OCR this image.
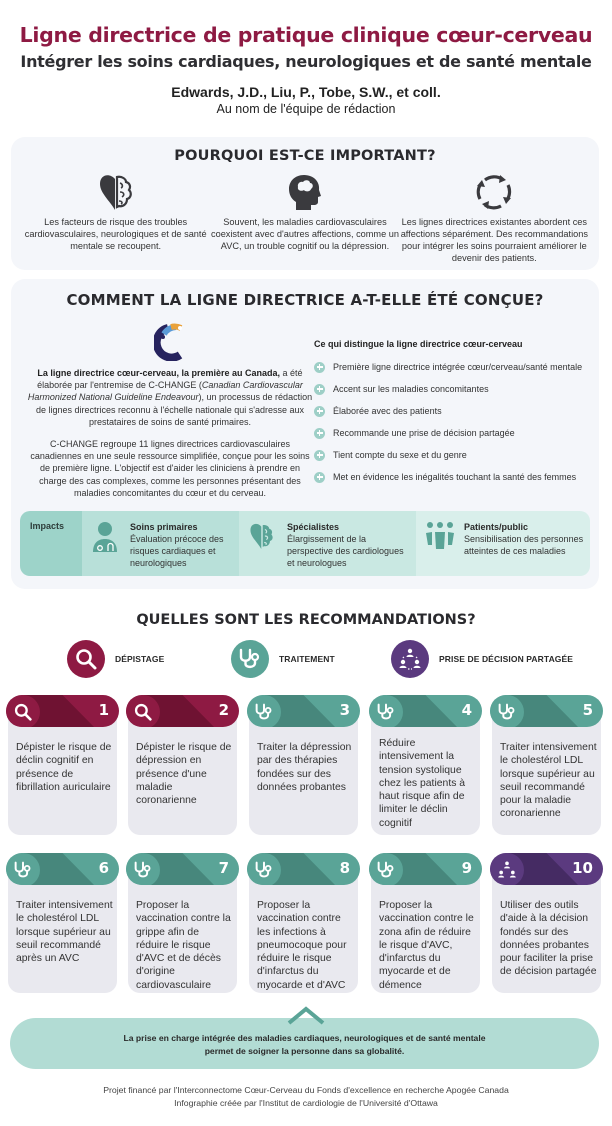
Ligne directrice de pratique clinique cœur-cerveau
Intégrer les soins cardiaques, neurologiques et de santé mentale
Edwards, J.D., Liu, P., Tobe, S.W., et coll.
Au nom de l'équipe de rédaction
POURQUOI EST-CE IMPORTANT?
Les facteurs de risque des troubles cardiovasculaires, neurologiques et de santé mentale se recoupent.
Souvent, les maladies cardiovasculaires coexistent avec d'autres affections, comme un AVC, un trouble cognitif ou la dépression.
Les lignes directrices existantes abordent ces affections séparément. Des recommandations pour intégrer les soins pourraient améliorer le devenir des patients.
COMMENT LA LIGNE DIRECTRICE A-T-ELLE ÉTÉ CONÇUE?

La ligne directrice cœur-cerveau, la première au Canada, a été élaborée par l'entremise de C-CHANGE (Canadian Cardiovascular Harmonized National Guideline Endeavour), un processus de rédaction de lignes directrices reconnu à l'échelle nationale qui s'adresse aux prestataires de soins de santé primaires.

C-CHANGE regroupe 11 lignes directrices cardiovasculaires canadiennes en une seule ressource simplifiée, conçue pour les soins de première ligne. L'objectif est d'aider les cliniciens à prendre en charge des cas complexes, comme les personnes présentant des maladies concomitantes du cœur et du cerveau.

Ce qui distingue la ligne directrice cœur-cerveau
Première ligne directrice intégrée cœur/cerveau/santé mentale
Accent sur les maladies concomitantes
Élaborée avec des patients
Recommande une prise de décision partagée
Tient compte du sexe et du genre
Met en évidence les inégalités touchant la santé des femmes
Impacts	Soins primaires
Évaluation précoce des risques cardiaques et neurologiques
Spécialistes
Élargissement de la perspective des cardiologues et neurologues
Patients/public
Sensibilisation des personnes atteintes de ces maladies
QUELLES SONT LES RECOMMANDATIONS?
DÉPISTAGE	TRAITEMENT	PRISE DE DÉCISION PARTAGÉE
1
Dépister le risque de déclin cognitif en présence de fibrillation auriculaire
2
Dépister le risque de dépression en présence d'une maladie coronarienne
3
Traiter la dépression par des thérapies fondées sur des données probantes
4
Réduire intensivement la tension systolique chez les patients à haut risque afin de limiter le déclin cognitif
5
Traiter intensivement le cholestérol LDL lorsque supérieur au seuil recommandé pour la maladie coronarienne
6
Traiter intensivement le cholestérol LDL lorsque supérieur au seuil recommandé après un AVC
7
Proposer la vaccination contre la grippe afin de réduire le risque d'AVC et de décès d'origine cardiovasculaire
8
Proposer la vaccination contre les infections à pneumocoque pour réduire le risque d'infarctus du myocarde et d'AVC
9
Proposer la vaccination contre le zona afin de réduire le risque d'AVC, d'infarctus du myocarde et de démence
10
Utiliser des outils d'aide à la décision fondés sur des données probantes pour faciliter la prise de décision partagée
La prise en charge intégrée des maladies cardiaques, neurologiques et de santé mentale
permet de soigner la personne dans sa globalité.
Projet financé par l'Interconnectome Cœur-Cerveau du Fonds d'excellence en recherche Apogée Canada
Infographie créée par l'Institut de cardiologie de l'Université d'Ottawa
